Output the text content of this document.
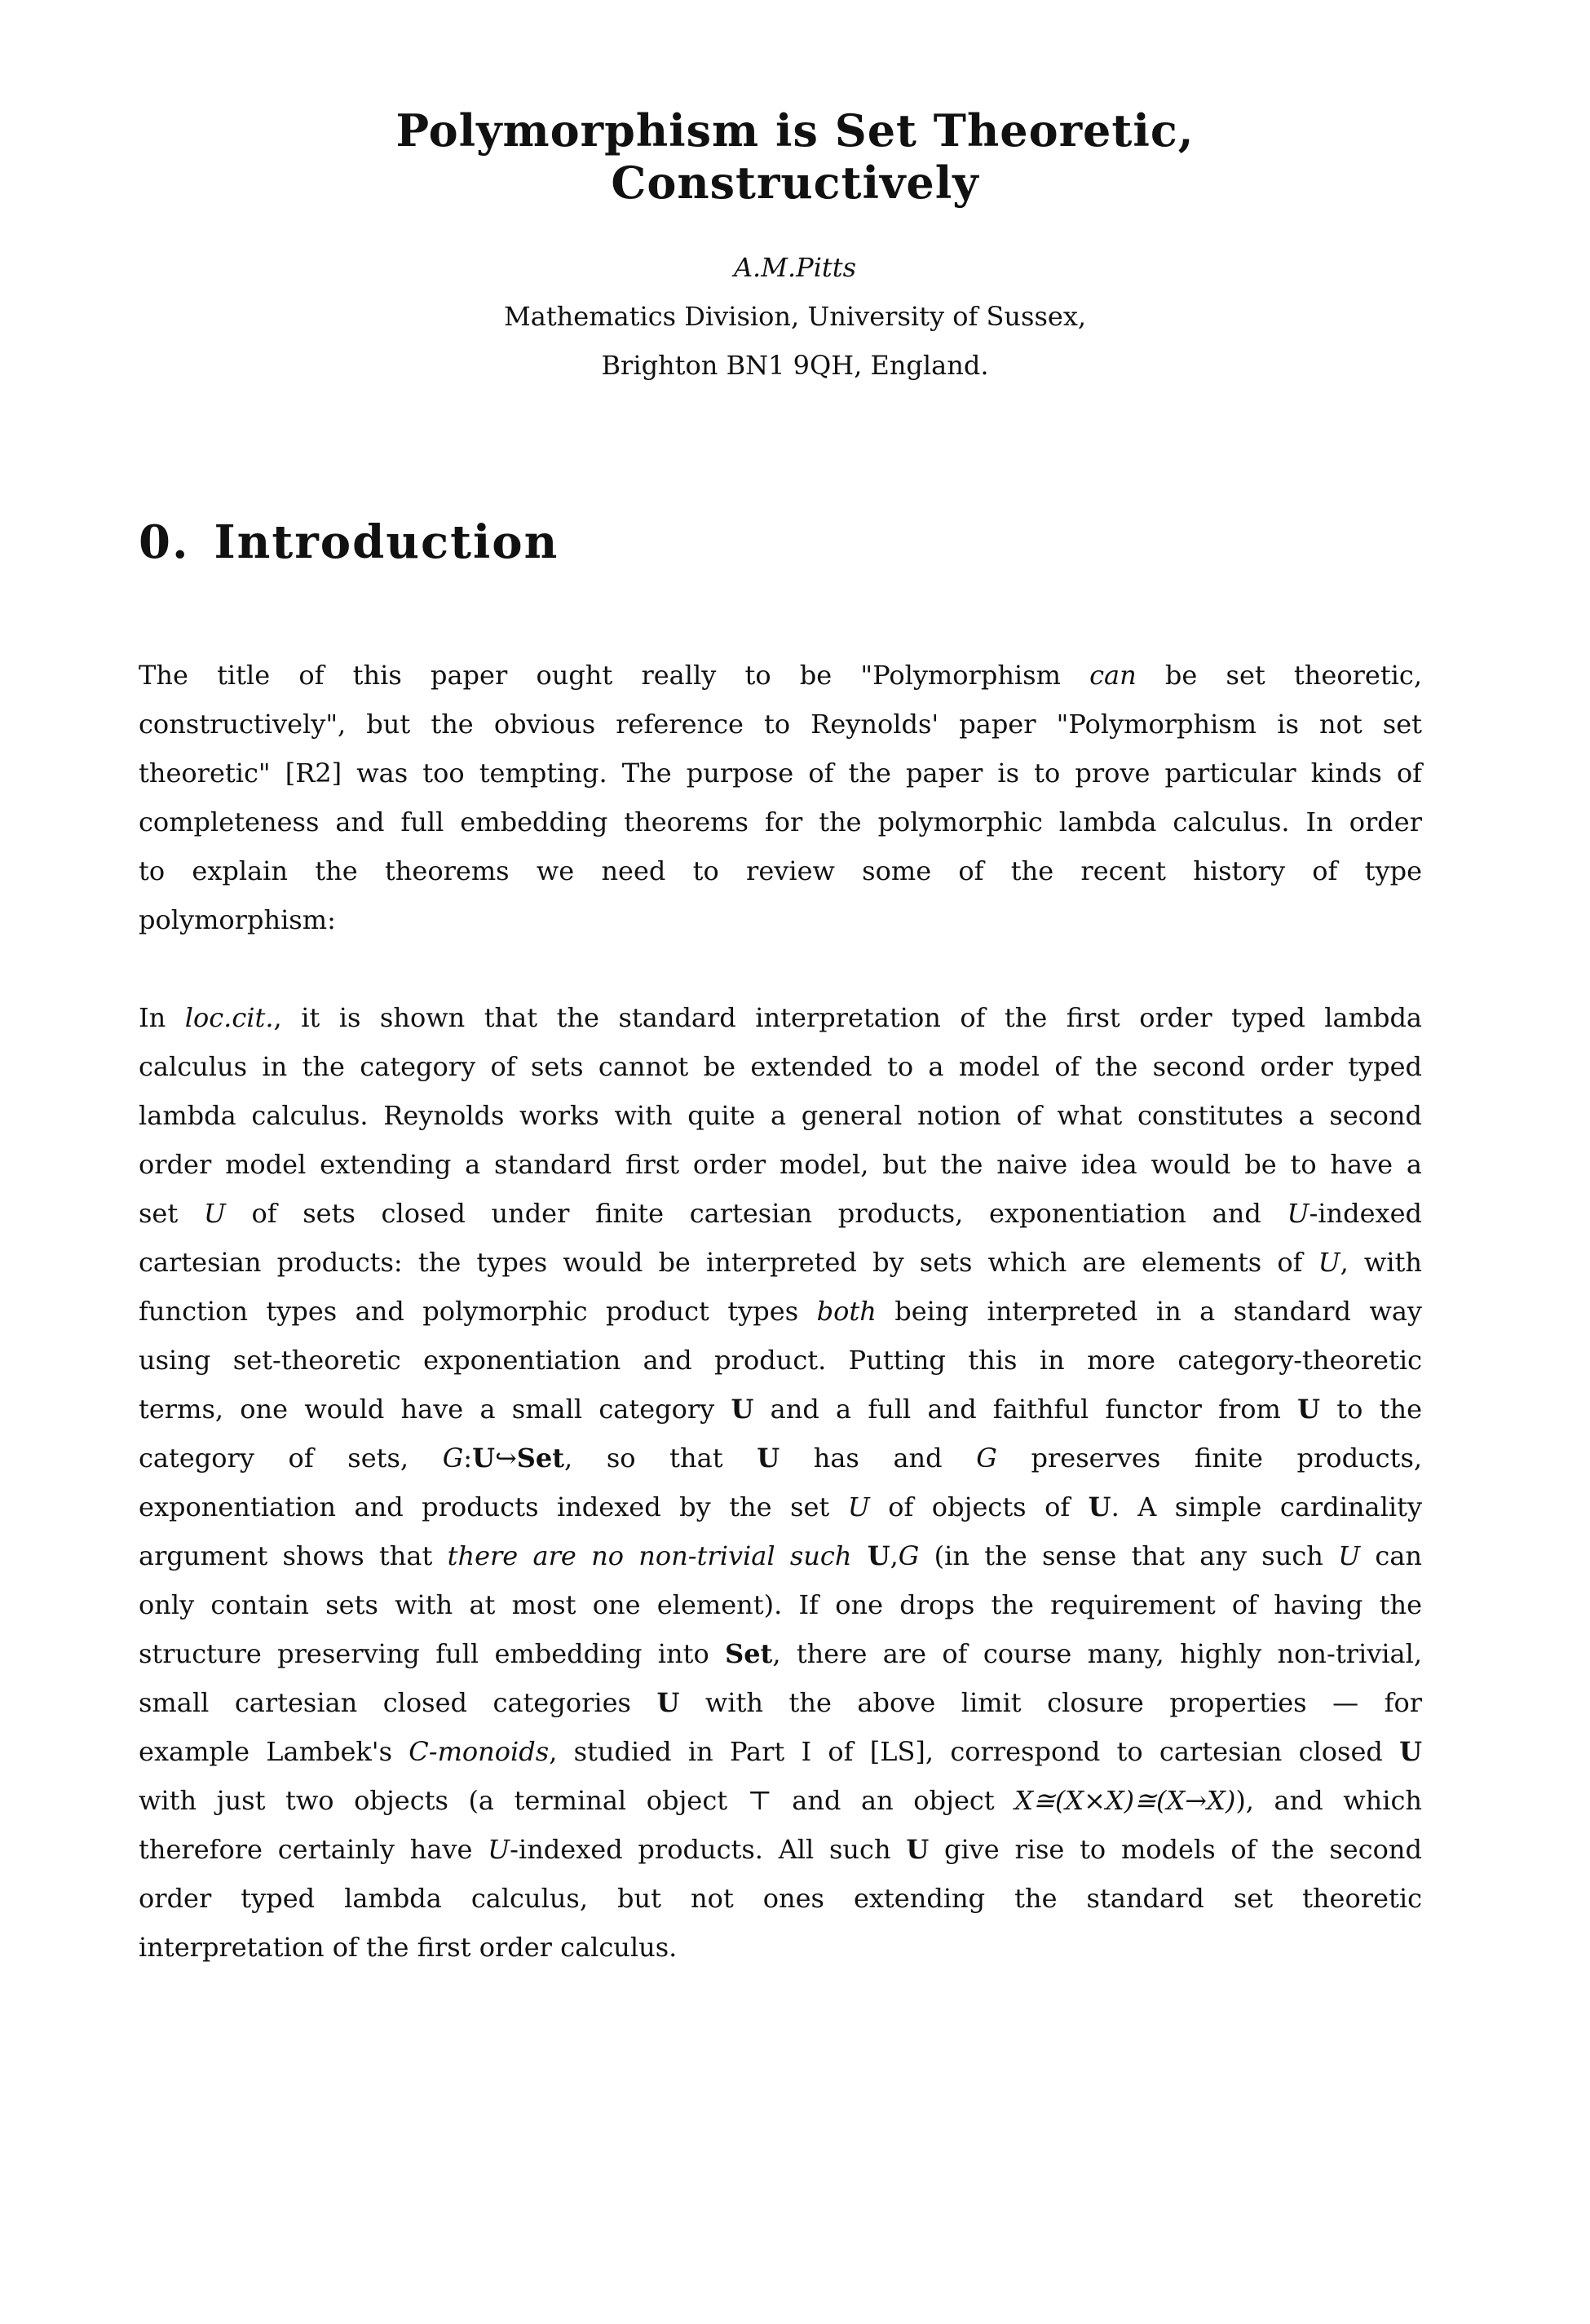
Polymorphism is Set Theoretic,
Constructively
A.M.Pitts
Mathematics Division, University of Sussex,
Brighton BN1 9QH, England.
0. Introduction
The title of this paper ought really to be "Polymorphism can be set theoretic,
constructively", but the obvious reference to Reynolds' paper "Polymorphism is not set
theoretic" [R2] was too tempting. The purpose of the paper is to prove particular kinds of
completeness and full embedding theorems for the polymorphic lambda calculus. In order
to explain the theorems we need to review some of the recent history of type
polymorphism:
In loc.cit., it is shown that the standard interpretation of the first order typed lambda
calculus in the category of sets cannot be extended to a model of the second order typed
lambda calculus. Reynolds works with quite a general notion of what constitutes a second
order model extending a standard first order model, but the naive idea would be to have a
set U of sets closed under finite cartesian products, exponentiation and U-indexed
cartesian products: the types would be interpreted by sets which are elements of U, with
function types and polymorphic product types both being interpreted in a standard way
using set-theoretic exponentiation and product. Putting this in more category-theoretic
terms, one would have a small category U and a full and faithful functor from U to the
category of sets, G:U↪Set, so that U has and G preserves finite products,
exponentiation and products indexed by the set U of objects of U. A simple cardinality
argument shows that there are no non-trivial such U,G (in the sense that any such U can
only contain sets with at most one element). If one drops the requirement of having the
structure preserving full embedding into Set, there are of course many, highly non-trivial,
small cartesian closed categories U with the above limit closure properties — for
example Lambek's C-monoids, studied in Part I of [LS], correspond to cartesian closed U
with just two objects (a terminal object ⊤ and an object X≅(X×X)≅(X→X)), and which
therefore certainly have U-indexed products. All such U give rise to models of the second
order typed lambda calculus, but not ones extending the standard set theoretic
interpretation of the first order calculus.
